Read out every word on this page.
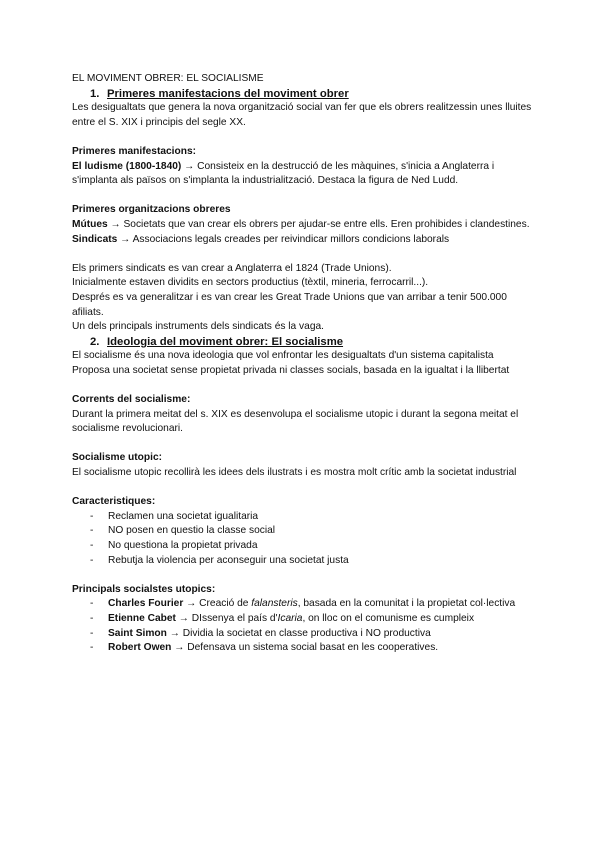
EL MOVIMENT OBRER: EL SOCIALISME

1. Primeres manifestacions del moviment obrer

Les desigualtats que genera la nova organització social van fer que els obrers realitzessin unes lluites entre el S. XIX i principis del segle XX.

Primeres manifestacions:

El ludisme (1800-1840) → Consisteix en la destrucció de les màquines, s'inicia a Anglaterra i s'implanta als països on s'implanta la industrialització. Destaca la figura de Ned Ludd.

Primeres organitzacions obreres

Mútues → Societats que van crear els obrers per ajudar-se entre ells. Eren prohibides i clandestines.

Sindicats → Associacions legals creades per reivindicar millors condicions laborals

Els primers sindicats es van crear a Anglaterra el 1824 (Trade Unions).

Inicialmente estaven dividits en sectors productius (tèxtil, mineria, ferrocarril...).

Després es va generalitzar i es van crear les Great Trade Unions que van arribar a tenir 500.000 afiliats.

Un dels principals instruments dels sindicats és la vaga.

2. Ideologia del moviment obrer: El socialisme

El socialisme és una nova ideologia que vol enfrontar les desigualtats d'un sistema capitalista

Proposa una societat sense propietat privada ni classes socials, basada en la igualtat i la llibertat

Corrents del socialisme:

Durant la primera meitat del s. XIX es desenvolupa el socialisme utopic i durant la segona meitat el socialisme revolucionari.

Socialisme utopic:

El socialisme utopic recollirà les idees dels ilustrats i es mostra molt crític amb la societat industrial

Caracteristiques:

- Reclamen una societat igualitaria
- NO posen en questio la classe social
- No questiona la propietat privada
- Rebutja la violencia per aconseguir una societat justa

Principals socialstes utopics:

- Charles Fourier → Creació de falansteris, basada en la comunitat i la propietat col·lectiva
- Etienne Cabet → DIssenya el país d'Icaria, on lloc on el comunisme es cumpleix
- Saint Simon → Dividia la societat en classe productiva i NO productiva
- Robert Owen → Defensava un sistema social basat en les cooperatives.
